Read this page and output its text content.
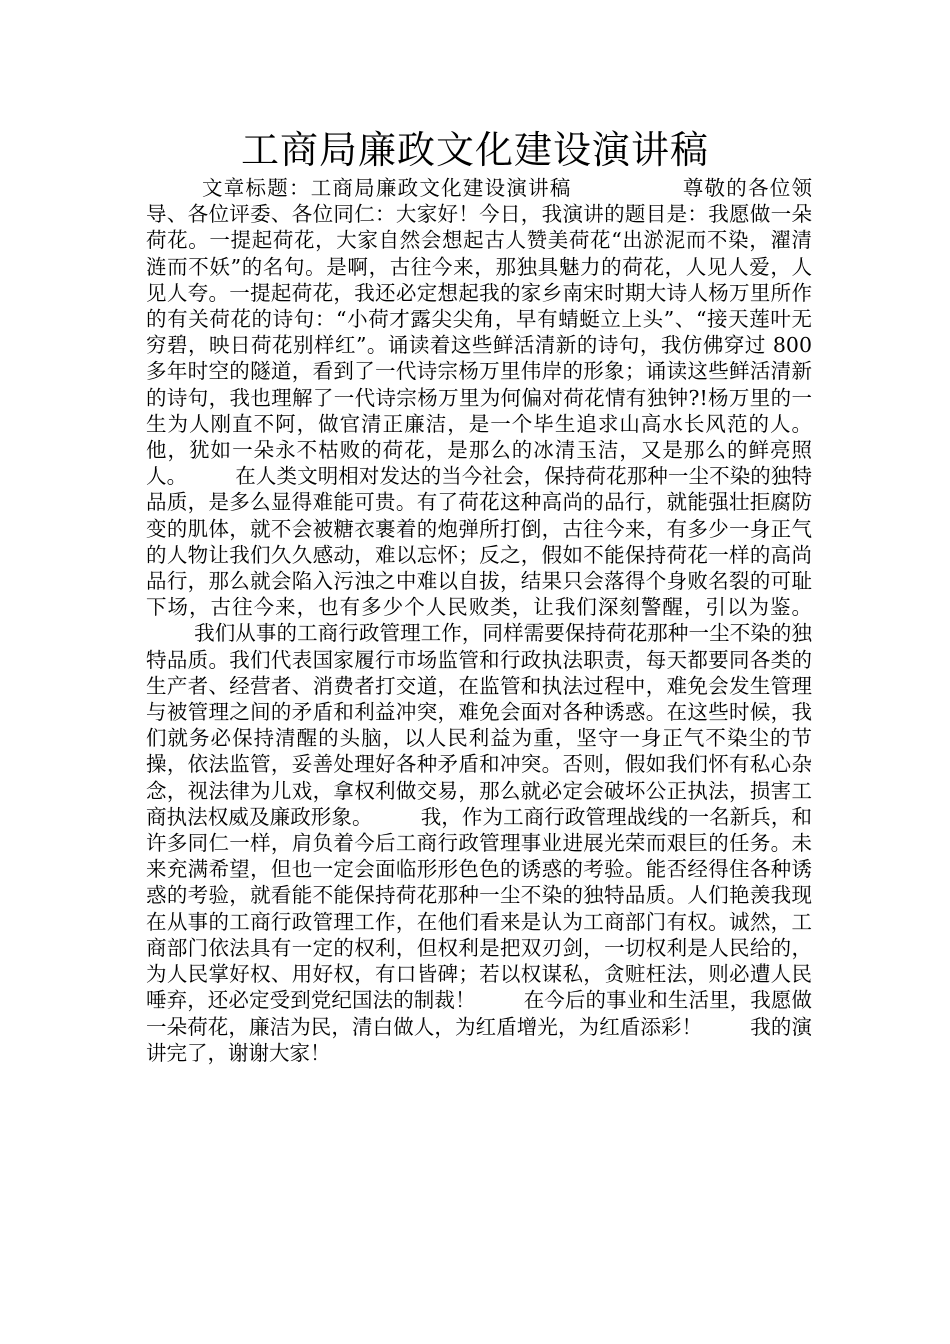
工商局廉政文化建设演讲稿

文章标题：工商局廉政文化建设演讲稿	尊敬的各位领导、各位评委、各位同仁：大家好！今日，我演讲的题目是：我愿做一朵荷花。一提起荷花，大家自然会想起古人赞美荷花“出淤泥而不染，濯清涟而不妖”的名句。是啊，古往今来，那独具魅力的荷花，人见人爱，人见人夸。一提起荷花，我还必定想起我的家乡南宋时期大诗人杨万里所作的有关荷花的诗句：“小荷才露尖尖角，早有蜻蜓立上头”、“接天莲叶无穷碧，映日荷花别样红”。诵读着这些鲜活清新的诗句，我仿佛穿过 800 多年时空的隧道，看到了一代诗宗杨万里伟岸的形象；诵读这些鲜活清新的诗句，我也理解了一代诗宗杨万里为何偏对荷花情有独钟?!杨万里的一生为人刚直不阿，做官清正廉洁，是一个毕生追求山高水长风范的人。他，犹如一朵永不枯败的荷花，是那么的冰清玉洁，又是那么的鲜亮照人。 在人类文明相对发达的当今社会，保持荷花那种一尘不染的独特品质，是多么显得难能可贵。有了荷花这种高尚的品行，就能强壮拒腐防变的肌体，就不会被糖衣裹着的炮弹所打倒，古往今来，有多少一身正气的人物让我们久久感动，难以忘怀；反之，假如不能保持荷花一样的高尚品行，那么就会陷入污浊之中难以自拔，结果只会落得个身败名裂的可耻下场，古往今来，也有多少个人民败类，让我们深刻警醒，引以为鉴。我们从事的工商行政管理工作，同样需要保持荷花那种一尘不染的独特品质。我们代表国家履行市场监管和行政执法职责，每天都要同各类的生产者、经营者、消费者打交道，在监管和执法过程中，难免会发生管理与被管理之间的矛盾和利益冲突，难免会面对各种诱惑。在这些时候，我们就务必保持清醒的头脑，以人民利益为重，坚守一身正气不染尘的节操，依法监管，妥善处理好各种矛盾和冲突。否则，假如我们怀有私心杂念，视法律为儿戏，拿权利做交易，那么就必定会破坏公正执法，损害工商执法权威及廉政形象。 我，作为工商行政管理战线的一名新兵，和许多同仁一样，肩负着今后工商行政管理事业进展光荣而艰巨的任务。未来充满希望，但也一定会面临形形色色的诱惑的考验。能否经得住各种诱惑的考验，就看能不能保持荷花那种一尘不染的独特品质。人们艳羡我现在从事的工商行政管理工作，在他们看来是认为工商部门有权。诚然，工商部门依法具有一定的权利，但权利是把双刃剑，一切权利是人民给的，为人民掌好权、用好权，有口皆碑；若以权谋私，贪赃枉法，则必遭人民唾弃，还必定受到党纪国法的制裁！ 在今后的事业和生活里，我愿做一朵荷花，廉洁为民，清白做人，为红盾增光，为红盾添彩！ 我的演讲完了，谢谢大家！
